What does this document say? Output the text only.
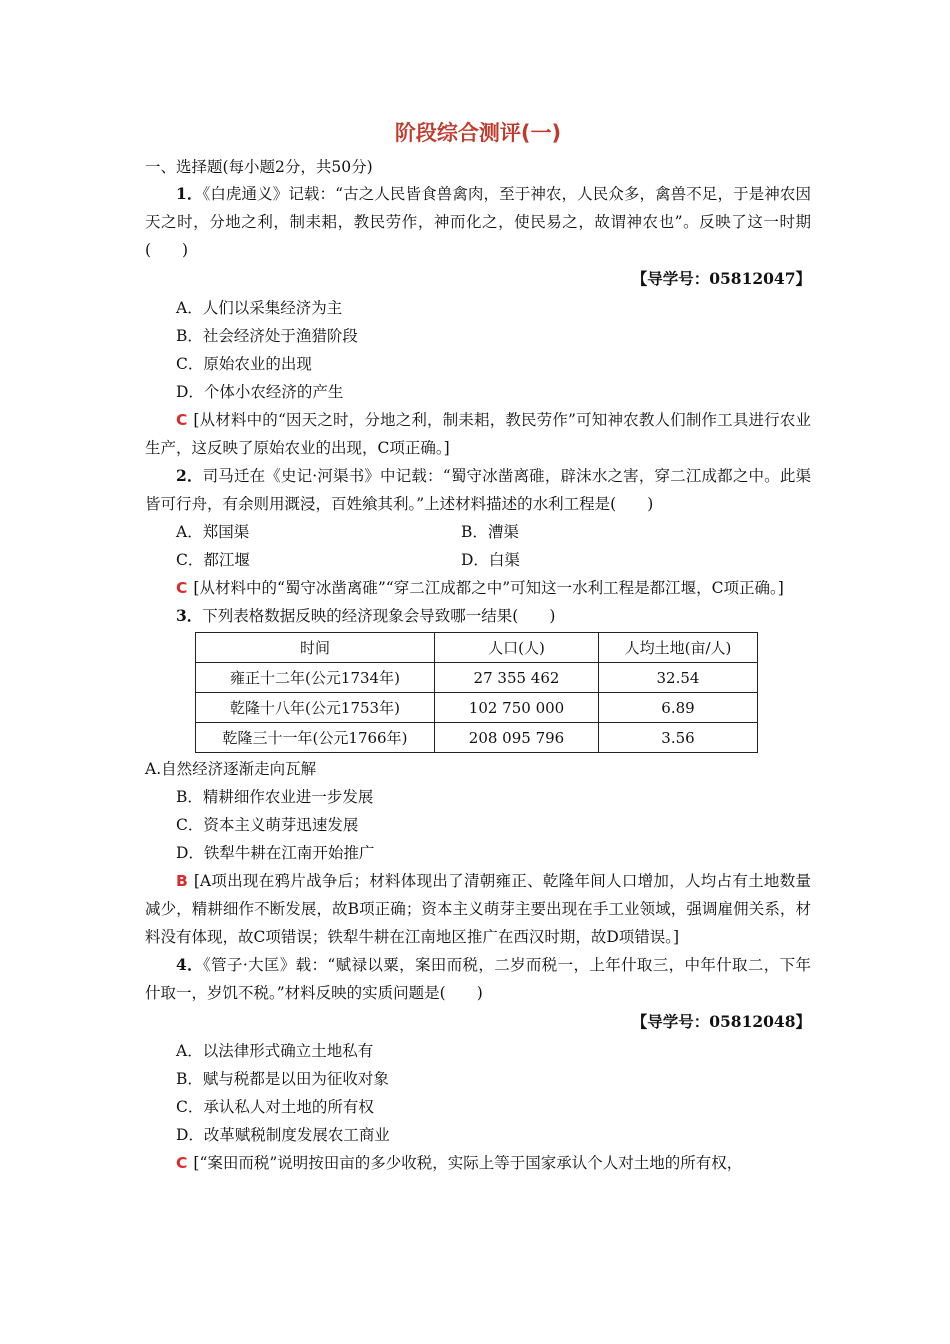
阶段综合测评(一)
一、选择题(每小题2分，共50分)
1．《白虎通义》记载：“古之人民皆食兽禽肉，至于神农，人民众多，禽兽不足，于是神农因天之时，分地之利，制耒耜，教民劳作，神而化之，使民易之，故谓神农也”。反映了这一时期(　　)
【导学号：05812047】
A．人们以采集经济为主
B．社会经济处于渔猎阶段
C．原始农业的出现
D．个体小农经济的产生
C [从材料中的“因天之时，分地之利，制耒耜，教民劳作”可知神农教人们制作工具进行农业生产，这反映了原始农业的出现，C项正确。]
2．司马迁在《史记·河渠书》中记载：“蜀守冰凿离碓，辟沫水之害，穿二江成都之中。此渠皆可行舟，有余则用溉浸，百姓飨其利。”上述材料描述的水利工程是(　　)
A．郑国渠	B．漕渠
C．都江堰	D．白渠
C [从材料中的“蜀守冰凿离碓”“穿二江成都之中”可知这一水利工程是都江堰，C项正确。]
3．下列表格数据反映的经济现象会导致哪一结果(　　)
时间	人口(人)	人均土地(亩/人)
雍正十二年(公元1734年)	27 355 462	32.54
乾隆十八年(公元1753年)	102 750 000	6.89
乾隆三十一年(公元1766年)	208 095 796	3.56
A.自然经济逐渐走向瓦解
B．精耕细作农业进一步发展
C．资本主义萌芽迅速发展
D．铁犁牛耕在江南开始推广
B [A项出现在鸦片战争后；材料体现出了清朝雍正、乾隆年间人口增加，人均占有土地数量减少，精耕细作不断发展，故B项正确；资本主义萌芽主要出现在手工业领域，强调雇佣关系，材料没有体现，故C项错误；铁犁牛耕在江南地区推广在西汉时期，故D项错误。]
4．《管子·大匡》载：“赋禄以粟，案田而税，二岁而税一，上年什取三，中年什取二，下年什取一，岁饥不税。”材料反映的实质问题是(　　)
【导学号：05812048】
A．以法律形式确立土地私有
B．赋与税都是以田为征收对象
C．承认私人对土地的所有权
D．改革赋税制度发展农工商业
C [“案田而税”说明按田亩的多少收税，实际上等于国家承认个人对土地的所有权，
